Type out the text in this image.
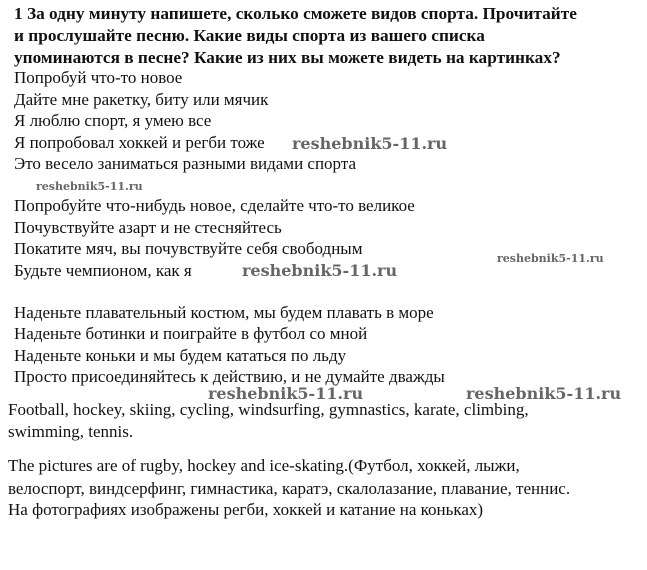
1 За одну минуту напишете, сколько сможете видов спорта. Прочитайте
и прослушайте песню. Какие виды спорта из вашего списка
упоминаются в песне? Какие из них вы можете видеть на картинках?
Попробуй что-то новое
Дайте мне ракетку, биту или мячик
Я люблю спорт, я умею все
Я попробовал хоккей и регби тоже
Это весело заниматься разными видами спорта
Попробуйте что-нибудь новое, сделайте что-то великое
Почувствуйте азарт и не стесняйтесь
Покатите мяч, вы почувствуйте себя свободным
Будьте чемпионом, как я
Наденьте плавательный костюм, мы будем плавать в море
Наденьте ботинки и поиграйте в футбол со мной
Наденьте коньки и мы будем кататься по льду
Просто присоединяйтесь к действию, и не думайте дважды
Football, hockey, skiing, cycling, windsurfing, gymnastics, karate, climbing,
swimming, tennis.
The pictures are of rugby, hockey and ice-skating.(Футбол, хоккей, лыжи,
велоспорт, виндсерфинг, гимнастика, каратэ, скалолазание, плавание, теннис.
На фотографиях изображены регби, хоккей и катание на коньках)
reshebnik5-11.ru
reshebnik5-11.ru
reshebnik5-11.ru
reshebnik5-11.ru
reshebnik5-11.ru	reshebnik5-11.ru
